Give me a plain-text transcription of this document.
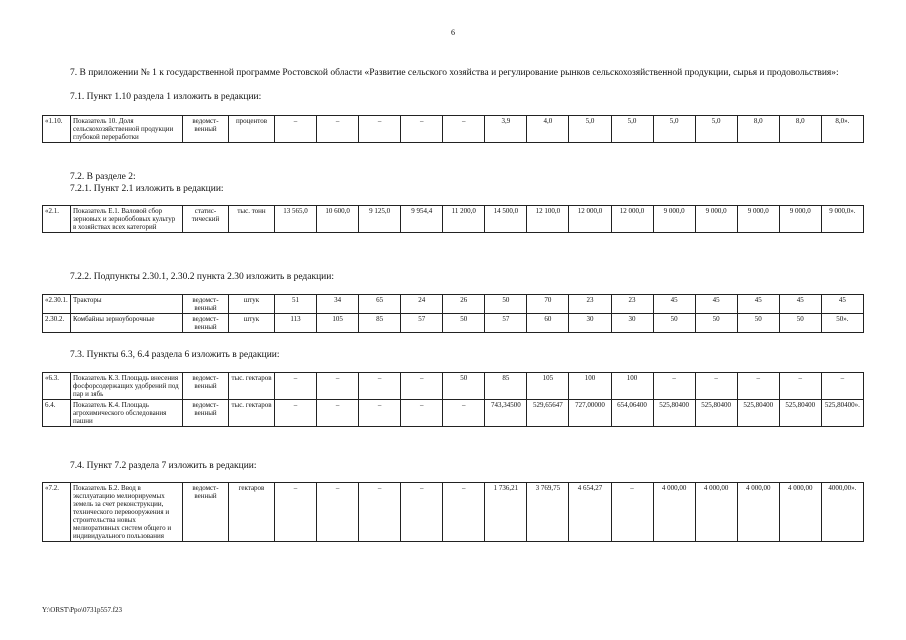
6
7. В приложении № 1 к государственной программе Ростовской области «Развитие сельского хозяйства и регулирование рынков сельскохозяйственной продукции, сырья и продовольствия»:
7.1. Пункт 1.10 раздела 1 изложить в редакции:
«1.10.	Показатель 10. Доля сельскохозяйственной продукции глубокой переработки	ведомст-венный	процентов	–	–	–	–	–	3,9	4,0	5,0	5,0	5,0	5,0	8,0	8,0	8,0».
7.2. В разделе 2:
7.2.1. Пункт 2.1 изложить в редакции:
«2.1.	Показатель Е.1. Валовой сбор зерновых и зернобобовых культур в хозяйствах всех категорий	статис-тический	тыс. тонн	13 565,0	10 600,0	9 125,0	9 954,4	11 200,0	14 500,0	12 100,0	12 000,0	12 000,0	9 000,0	9 000,0	9 000,0	9 000,0	9 000,0».
7.2.2. Подпункты 2.30.1, 2.30.2 пункта 2.30 изложить в редакции:
«2.30.1.	Тракторы	ведомст-венный	штук	51	34	65	24	26	50	70	23	23	45	45	45	45	45
2.30.2.	Комбайны зерноуборочные	ведомст-венный	штук	113	105	85	57	50	57	60	30	30	50	50	50	50	50».
7.3. Пункты 6.3, 6.4 раздела 6 изложить в редакции:
«6.3.	Показатель К.3. Площадь внесения фосфорсодержащих удобрений под пар и зябь	ведомст-венный	тыс. гектаров	–	–	–	–	50	85	105	100	100	–	–	–	–	–
6.4.	Показатель К.4. Площадь агрохимического обследования пашни	ведомст-венный	тыс. гектаров	–	–	–	–	–	743,34500	529,65647	727,00000	654,06400	525,80400	525,80400	525,80400	525,80400	525,80400».
7.4. Пункт 7.2 раздела 7 изложить в редакции:
«7.2.	Показатель Б.2. Ввод в эксплуатацию мелиорируемых земель за счет реконструкции, технического перевооружения и строительства новых мелиоративных систем общего и индивидуального пользования	ведомст-венный	гектаров	–	–	–	–	–	1 736,21	3 769,75	4 654,27	–	4 000,00	4 000,00	4 000,00	4 000,00	4000,00».
Y:\ORST\Ppo\0731p557.f23
